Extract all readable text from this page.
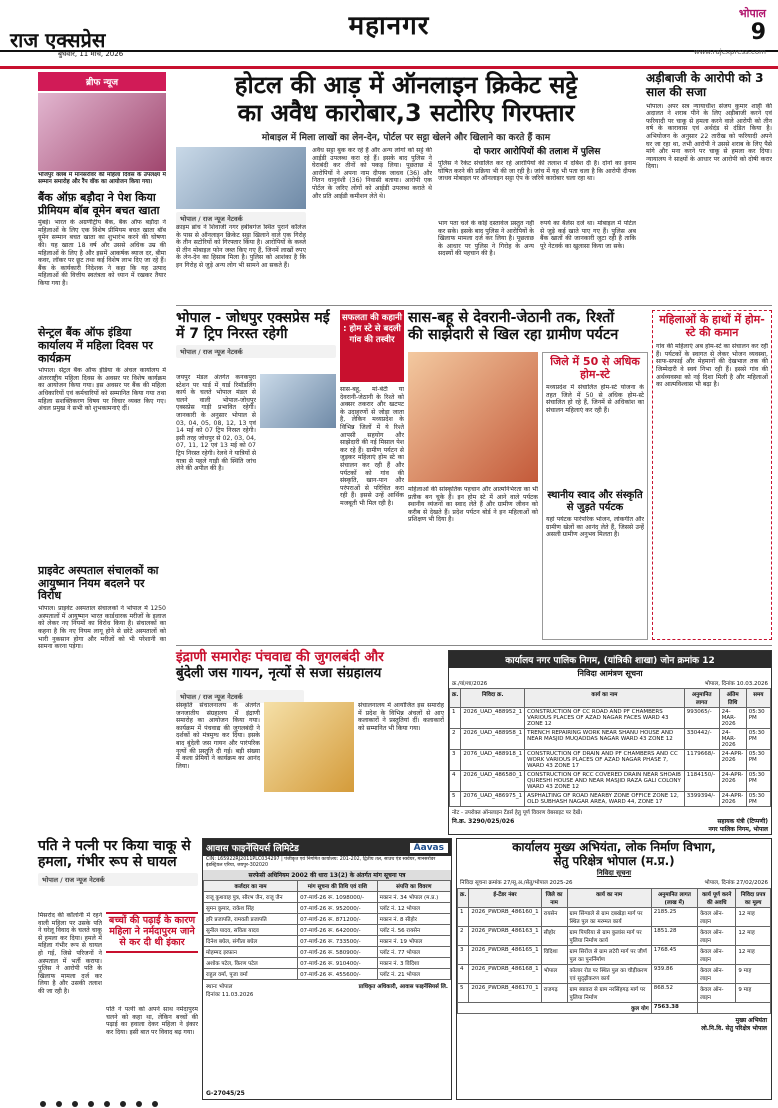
राज एक्सप्रेस
बुधवार, 11 मार्च, 2026
महानगर	भोपाल
9
www.rajexpress.com
ब्रीफ न्यूज
भोजपुर क्लब में मानसरोवर की महिला दिवस के उपलक्ष्य में सम्मान समारोह और रैंप वॉक का आयोजन किया गया।
बैंक ऑफ़ बड़ौदा ने पेश किया प्रीमियम बॉब वूमेन बचत खाता
मुंबई। भारत के अग्रणीट्रीय बैंक, बैंक ऑफ बड़ौदा ने महिलाओं के लिए एक विशेष प्रीमियम बचत खाता बॉब वूमेन सम्मान बचत खाता का शुभारंभ करने की घोषणा की। यह खाता 18 वर्ष और उससे अधिक उम्र की महिलाओं के लिए है और इसमें आकर्षक ब्याज दर, बीमा कवर, लॉकर पर छूट तथा कई विशेष लाभ दिए जा रहे हैं। बैंक के कार्यकारी निदेशक ने कहा कि यह उत्पाद महिलाओं की वित्तीय स्वतंत्रता को ध्यान में रखकर तैयार किया गया है।
सेन्ट्रल बैंक ऑफ इंडिया कार्यालय में महिला दिवस पर कार्यक्रम
भोपाल। सेंट्रल बैंक ऑफ इंडिया के अंचल कार्यालय में अंतरराष्ट्रीय महिला दिवस के अवसर पर विशेष कार्यक्रम का आयोजन किया गया। इस अवसर पर बैंक की महिला अधिकारियों एवं कर्मचारियों को सम्मानित किया गया तथा महिला सशक्तिकरण विषय पर विचार व्यक्त किए गए। अंचल प्रमुख ने सभी को शुभकामनाएं दीं।
प्राइवेट अस्पताल संचालकों का आयुष्मान नियम बदलने पर विरोध
भोपाल। प्राइवेट अस्पताल संचालकों ने भोपाल में 1250 अस्पतालों में आयुष्मान भारत कार्डधारक मरीजों के इलाज को लेकर नए नियमों का विरोध किया है। संचालकों का कहना है कि नए नियम लागू होने से छोटे अस्पतालों को भारी नुकसान होगा और मरीजों को भी परेशानी का सामना करना पड़ेगा।
होटल की आड़ में ऑनलाइन क्रिकेट सट्टे
का अवैध कारोबार,3 सटोरिए गिरफ्तार
मोबाइल में मिला लाखों का लेन-देन, पोर्टल पर सट्टा खेलने और खिलाने का करते हैं काम
भोपाल / राज न्यूज नेटवर्क
क्राइम ब्रांच ने शिवाजी नगर हबीबगंज स्थित पुराने कॉलेज के पास से ऑनलाइन क्रिकेट सट्टा खिलाने वाले एक गिरोह के तीन सटोरियों को गिरफ्तार किया है। आरोपियों के कब्जे से तीन मोबाइल फोन जब्त किए गए हैं, जिनमें लाखों रुपए के लेन-देन का हिसाब मिला है। पुलिस को आशंका है कि इन गिरोह से जुड़े अन्य लोग भी सामने आ सकते हैं।
अवैध सट्टा बुक कर रहे हैं और अन्य लोगों को सट्टे की आईडी उपलब्ध करा रहे हैं। इसके बाद पुलिस ने घेराबंदी कर तीनों को पकड़ लिया। पूछताछ में आरोपियों ने अपना नाम दीपक जाधव (36) और नितन धानुवंशी (36) निवासी बताया। आरोपी एक पोर्टल के जरिए लोगों को आईडी उपलब्ध कराते थे और प्रति आईडी कमीशन लेते थे।
दो फरार आरोपियों की तलाश में पुलिस
पुलिस ने रैकेट संचालित कर रहे आरोपियों की तलाश में दबिश दी है। दोनों का इनाम घोषित करने की प्रक्रिया भी की जा रही है। जांच में यह भी पता चला है कि आरोपी दीपक जाधव मोबाइल पर ऑनलाइन सट्टा ऐप के जरिये कारोबार चला रहा था।
भाग पता चले के कोई दस्तावेज प्रस्तुत नहीं कर सके। इसके बाद पुलिस ने आरोपियों के खिलाफ मामला दर्ज कर लिया है। पूछताछ के आधार पर पुलिस ने गिरोह के अन्य सदस्यों की पहचान की है।
रुपये का बैलेंस दर्ज था। मोबाइल में पोर्टल से जुड़े कई खाते पाए गए हैं। पुलिस अब बैंक खातों की जानकारी जुटा रही है ताकि पूरे नेटवर्क का खुलासा किया जा सके।
अड़ीबाजी के आरोपी को 3 साल की सजा
भोपाल। अपर सत्र न्यायाधीश संजय कुमार शाही की अदालत ने शराब पीने के लिए अड़ीबाजी करने एवं फरियादी पर चाकू से हमला करने वाले आरोपी को तीन वर्ष के कारावास एवं अर्थदंड से दंडित किया है। अभियोजन के अनुसार 22 तारीख को फरियादी अपने घर जा रहा था, तभी आरोपी ने उससे शराब के लिए पैसे मांगे और मना करने पर चाकू से हमला कर दिया। न्यायालय ने साक्ष्यों के आधार पर आरोपी को दोषी करार दिया।
भोपाल - जोधपुर एक्सप्रेस मई में 7 ट्रिप निरस्त रहेगी
भोपाल / राज न्यूज नेटवर्क
जयपुर मंडल अंतर्गत कनकपुरा स्टेशन पर यार्ड में यार्ड रिमॉडलिंग कार्य के चलते भोपाल मंडल से चलने वाली भोपाल-जोधपुर एक्सप्रेस गाड़ी प्रभावित रहेगी। जानकारी के अनुसार भोपाल से 03, 04, 05, 08, 12, 13 एवं 14 मई को 07 ट्रिप निरस्त रहेगी। इसी तरह जोधपुर से 02, 03, 04, 07, 11, 12 एवं 13 मई को 07 ट्रिप निरस्त रहेगी। रेलवे ने यात्रियों से यात्रा से पहले गाड़ी की स्थिति जांच लेने की अपील की है।
सफलता की कहानी : होम स्टे से बदली गांव की तस्वीर
सास-बहू से देवरानी-जेठानी तक, रिश्तों
की साझेदारी से खिल रहा ग्रामीण पर्यटन
सास-बहू, मां-बेटी या देवरानी-जेठानी के रिश्ते को अक्सर तकरार और खटपट के उदाहरणों से जोड़ा जाता है, लेकिन मध्यप्रदेश के विभिन्न जिलों में ये रिश्ते आपसी सहयोग और साझेदारी की नई मिसाल पेश कर रहे हैं। ग्रामीण पर्यटन से जुड़कर महिलाएं होम स्टे का संचालन कर रही हैं और पर्यटकों को गांव की संस्कृति, खान-पान और परंपराओं से परिचित करा रही हैं। इससे उन्हें आर्थिक मजबूती भी मिल रही है।
महिलाओं की सांस्कृतिक पहचान और आत्मनिर्भरता का भी प्रतीक बन चुके हैं। इन होम स्टे में आने वाले पर्यटक स्थानीय व्यंजनों का स्वाद लेते हैं और ग्रामीण जीवन को करीब से देखते हैं। प्रदेश पर्यटन बोर्ड ने इन महिलाओं को प्रशिक्षण भी दिया है।
जिले में 50 से अधिक होम-स्टे
मध्यप्रदेश में संचालित होम-स्टे योजना के तहत जिले में 50 से अधिक होम-स्टे संचालित हो रहे हैं, जिनमें से अधिकांश का संचालन महिलाएं कर रही हैं।
स्थानीय स्वाद और संस्कृति से जुड़ते पर्यटक
यहां पर्यटक पारंपरिक भोजन, लोकगीत और ग्रामीण खेलों का आनंद लेते हैं, जिससे उन्हें असली ग्रामीण अनुभव मिलता है।
महिलाओं के हाथों में होम-स्टे की कमान
गांव की महिलाएं अब होम-स्टे का संचालन कर रही हैं। पर्यटकों के स्वागत से लेकर भोजन व्यवस्था, साफ-सफाई और मेहमानों की देखभाल तक की जिम्मेदारी वे स्वयं निभा रही हैं। इससे गांव की अर्थव्यवस्था को नई दिशा मिली है और महिलाओं का आत्मविश्वास भी बढ़ा है।
इंद्राणी समारोहः पंचवाद्य की जुगलबंदी और
बुंदेली जस गायन, नृत्यों से सजा संग्रहालय
भोपाल / राज न्यूज नेटवर्क
संस्कृति संचालनालय के अंतर्गत जनजातीय संग्रहालय में इंद्राणी समारोह का आयोजन किया गया। कार्यक्रम में पंचवाद्य की जुगलबंदी ने दर्शकों को मंत्रमुग्ध कर दिया। इसके बाद बुंदेली जस गायन और पारंपरिक नृत्यों की प्रस्तुति दी गई। बड़ी संख्या में कला प्रेमियों ने कार्यक्रम का आनंद लिया।
संचालनालय में आयोजित इस समारोह में प्रदेश के विभिन्न अंचलों से आए कलाकारों ने प्रस्तुतियां दीं। कलाकारों को सम्मानित भी किया गया।
कार्यालय नगर पालिक निगम, (यांत्रिकी शाखा) जोन क्रमांक 12
निविदा आमंत्रण सूचना
क्र./यां/शा/2026	भोपाल, दिनांक 10.03.2026
क्र.	निविदा क्र.	कार्य का नाम	अनुमानित लागत	अंतिम तिथि	समय
1	2026_UAD_488952_1	CONSTRUCTION OF CC ROAD AND PF CHAMBERS VARIOUS PLACES OF AZAD NAGAR FACES WARD 43 ZONE 12	993065/-	24-MAR-2026	05:30 PM
2	2026_UAD_488958_1	TRENCH REPAIRING WORK NEAR SHANU HOUSE AND NEAR MASJID MUQADDAS NAGAR WARD 43 ZONE 12	330442/-	24-MAR-2026	05:30 PM
3	2076_UAD_488918_1	CONSTRUCTION OF DRAIN AND PF CHAMBERS AND CC WORK VARIOUS PLACES OF AZAD NAGAR PHASE 7, WARD 43 ZONE 17	1179668/-	24-APR-2026	05:30 PM
4	2026_UAD_486580_1	CONSTRUCTION OF RCC COVERED DRAIN NEAR SHOAIB QURESHI HOUSE AND NEAR MASJID RAZA GALI COLONY WARD 43 ZONE 12	1184150/-	24-APR-2026	05:30 PM
5	2076_UAD_486975_1	ASPHALTING OF ROAD NEARBY ZONE OFFICE ZONE 12, OLD SUBHASH NAGAR AREA, WARD 44, ZONE 17	3399394/-	24-APR-2026	05:30 PM
नोट - उपरोक्त ऑनलाइन टेंडर्स हेतु पूर्ण विवरण वेबसाइट पर देखें।
नि.क्र. 3290/025/026	सहायक यंत्री (टिप्पणी)
नगर पालिक निगम, भोपाल
पति ने पत्नी पर किया चाकू से हमला, गंभीर रूप से घायल
भोपाल / राज न्यूज नेटवर्क
मिसरोद की कॉलोनी में रहने वाली महिला पर उसके पति ने घरेलू विवाद के चलते चाकू से हमला कर दिया। हमले में महिला गंभीर रूप से घायल हो गई, जिसे परिजनों ने अस्पताल में भर्ती कराया। पुलिस ने आरोपी पति के खिलाफ मामला दर्ज कर लिया है और उसकी तलाश की जा रही है।
बच्चों की पढ़ाई के कारण महिला ने नर्मदापुरम जाने से कर दी थी इंकार
पति ने पत्नी को अपने साथ नर्मदापुरम चलने को कहा था, लेकिन बच्चों की पढ़ाई का हवाला देकर महिला ने इंकार कर दिया। इसी बात पर विवाद बढ़ गया।
आवास फाइनेंसियर्स लिमिटेड	Aavas
CIN: L65922RJ2011PLC034297 | पंजीकृत एवं निगमित कार्यालय: 201-202, द्वितीय तल, साउथ एंड स्क्वेयर, मानसरोवर इंडस्ट्रियल एरिया, जयपुर-302020
सरफेसी अधिनियम 2002 की धारा 13(2) के अंतर्गत मांग सूचना पत्र
कर्जदार का नाम	मांग सूचना की तिथि एवं राशि	संपत्ति का विवरण
राजू कुशवाह पुत्र, सौरभ जैन, राजू जैन	07-मार्च-26 रू. 1098000/-	मकान नं. 34 भोपाल (म.प्र.)
सुमन कुमार, राकेश सिंह	07-मार्च-26 रू. 952000/-	प्लॉट नं. 12 भोपाल
हरि प्रजापति, रामवती प्रजापति	07-मार्च-26 रू. 871200/-	मकान नं. 8 सीहोर
सुनील यादव, सविता यादव	07-मार्च-26 रू. 642000/-	प्लॉट नं. 56 रायसेन
दिनेश बघेल, संगीता बघेल	07-मार्च-26 रू. 733500/-	मकान नं. 19 भोपाल
मोहम्मद इरफ़ान	07-मार्च-26 रू. 580900/-	प्लॉट नं. 77 भोपाल
अशोक पटेल, किरण पटेल	07-मार्च-26 रू. 910400/-	मकान नं. 3 विदिशा
राहुल वर्मा, पूजा वर्मा	07-मार्च-26 रू. 455600/-	प्लॉट नं. 21 भोपाल
स्थानः भोपाल
दिनांकः 11.03.2026
प्राधिकृत अधिकारी, आवास फाइनेंसियर्स लि.
G-27045/25
कार्यालय मुख्य अभियंता, लोक निर्माण विभाग,
सेतु परिक्षेत्र भोपाल (म.प्र.)
निविदा सूचना
निविदा सूचना क्रमांक 27/सू.अ./सेतु/भोपाल 2025-26	भोपाल, दिनांक 27/02/2026
क्र.	ई-टेंडर नंबर	जिले का नाम	कार्य का नाम	अनुमानित लागत (लाख में)	कार्य पूर्ण करने की अवधि	निविदा प्रपत्र का मूल्य
1	2026_PWDRB_486160_1	रायसेन	ग्राम सिंग्याले से ग्राम दबखेड़ा मार्ग पर स्थित पुल का मरम्मत कार्य	2185.25	केवल ऑन-लाइन	12 माह
2	2026_PWDRB_486163_1	सीहोर	ग्राम पिपरिया से ग्राम कुलांस मार्ग पर पुलिया निर्माण कार्य	1851.28	केवल ऑन-लाइन	12 माह
3	2026_PWDRB_486165_1	विदिशा	ग्राम सिरोंज से ग्राम लटेरी मार्ग पर जीर्ण पुल का पुनर्निर्माण	1768.45	केवल ऑन-लाइन	12 माह
4	2026_PWDRB_486168_1	भोपाल	कोलार रोड पर स्थित पुल का चौड़ीकरण एवं सुदृढ़ीकरण कार्य	939.86	केवल ऑन-लाइन	9 माह
5	2026_PWDRB_486170_1	राजगढ़	ग्राम ब्यावरा से ग्राम नरसिंहगढ़ मार्ग पर पुलिया निर्माण	868.52	केवल ऑन-लाइन	9 माह
कुल योग				7563.38		
मुख्य अभियंता
लो.नि.वि. सेतु परिक्षेत्र भोपाल
